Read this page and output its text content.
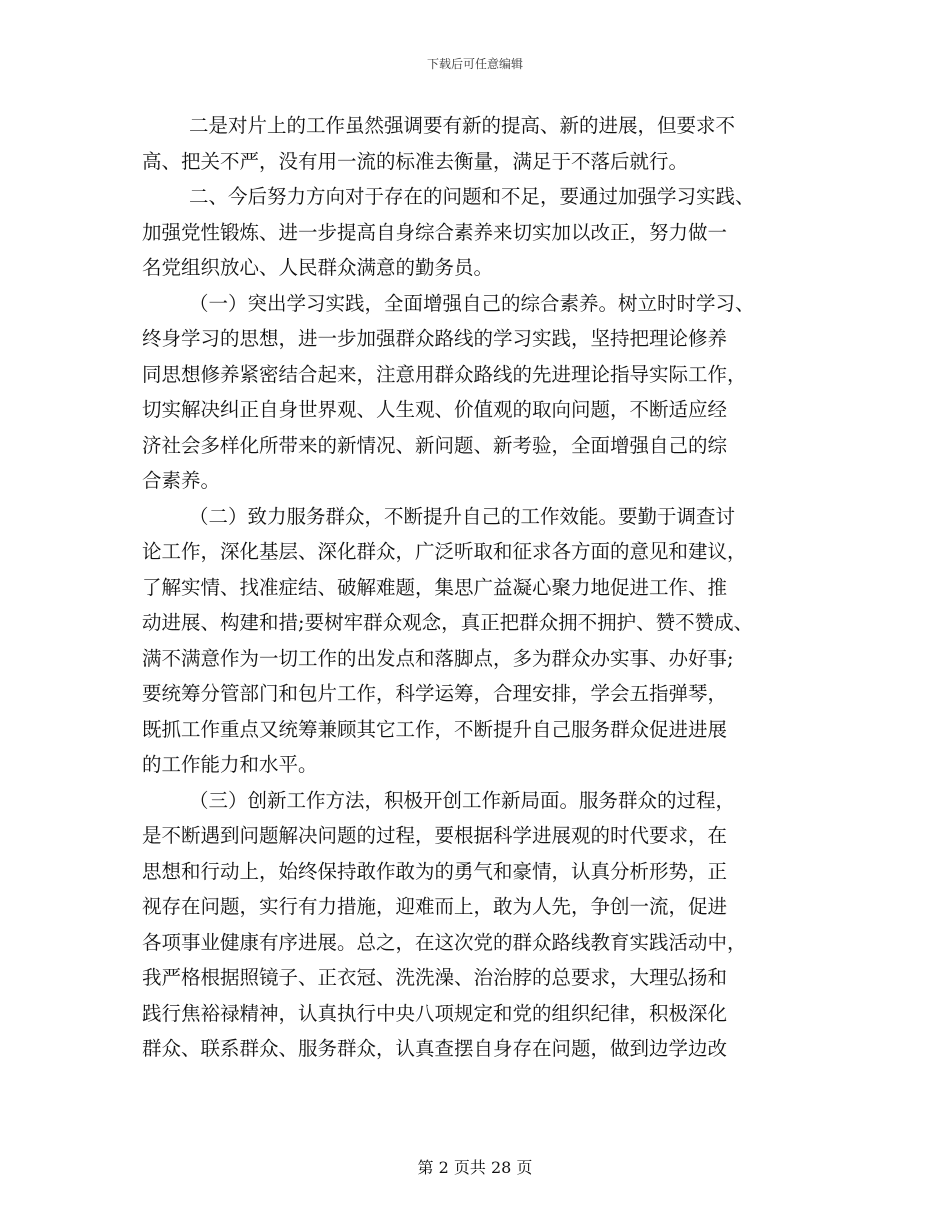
下载后可任意编辑
二是对片上的工作虽然强调要有新的提高、新的进展，但要求不
高、把关不严，没有用一流的标准去衡量，满足于不落后就行。
二、今后努力方向对于存在的问题和不足，要通过加强学习实践、
加强党性锻炼、进一步提高自身综合素养来切实加以改正，努力做一
名党组织放心、人民群众满意的勤务员。
（一）突出学习实践，全面增强自己的综合素养。树立时时学习、
终身学习的思想，进一步加强群众路线的学习实践，坚持把理论修养
同思想修养紧密结合起来，注意用群众路线的先进理论指导实际工作，
切实解决纠正自身世界观、人生观、价值观的取向问题，不断适应经
济社会多样化所带来的新情况、新问题、新考验，全面增强自己的综
合素养。
（二）致力服务群众，不断提升自己的工作效能。要勤于调查讨
论工作，深化基层、深化群众，广泛听取和征求各方面的意见和建议，
了解实情、找准症结、破解难题，集思广益凝心聚力地促进工作、推
动进展、构建和措;要树牢群众观念，真正把群众拥不拥护、赞不赞成、
满不满意作为一切工作的出发点和落脚点，多为群众办实事、办好事;
要统筹分管部门和包片工作，科学运筹，合理安排，学会五指弹琴，
既抓工作重点又统筹兼顾其它工作，不断提升自己服务群众促进进展
的工作能力和水平。
（三）创新工作方法，积极开创工作新局面。服务群众的过程，
是不断遇到问题解决问题的过程，要根据科学进展观的时代要求，在
思想和行动上，始终保持敢作敢为的勇气和豪情，认真分析形势，正
视存在问题，实行有力措施，迎难而上，敢为人先，争创一流，促进
各项事业健康有序进展。总之，在这次党的群众路线教育实践活动中，
我严格根据照镜子、正衣冠、洗洗澡、治治脖的总要求，大理弘扬和
践行焦裕禄精神，认真执行中央八项规定和党的组织纪律，积极深化
群众、联系群众、服务群众，认真查摆自身存在问题，做到边学边改
第 2 页共 28 页
